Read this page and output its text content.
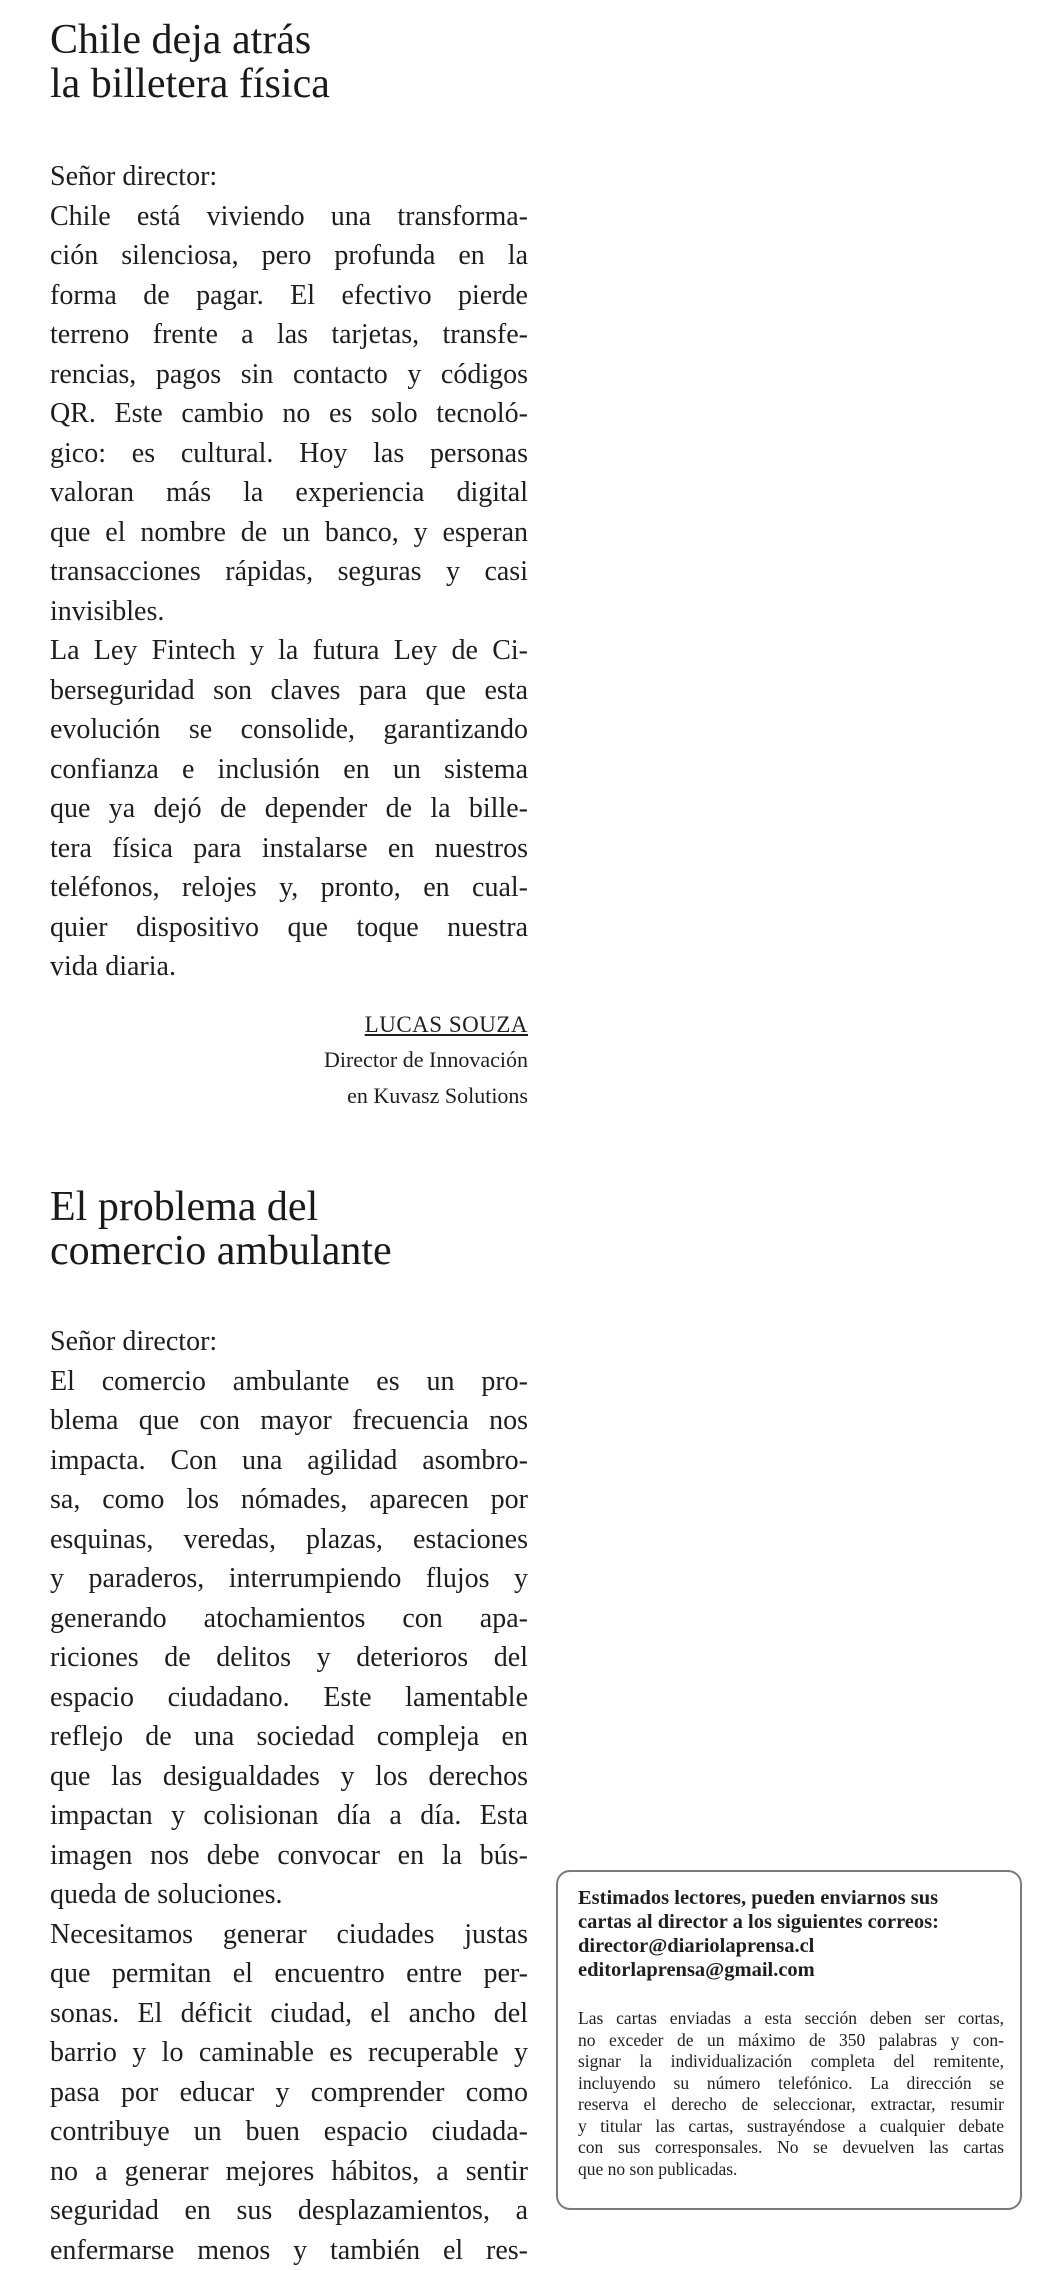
Chile deja atrás
la billetera física

Señor director:

Chile está viviendo una transforma-
ción silenciosa, pero profunda en la
forma de pagar. El efectivo pierde
terreno frente a las tarjetas, transfe-
rencias, pagos sin contacto y códigos
QR. Este cambio no es solo tecnoló-
gico: es cultural. Hoy las personas
valoran más la experiencia digital
que el nombre de un banco, y esperan
transacciones rápidas, seguras y casi
invisibles.

La Ley Fintech y la futura Ley de Ci-
berseguridad son claves para que esta
evolución se consolide, garantizando
confianza e inclusión en un sistema
que ya dejó de depender de la bille-
tera física para instalarse en nuestros
teléfonos, relojes y, pronto, en cual-
quier dispositivo que toque nuestra
vida diaria.

LUCAS SOUZA
Director de Innovación
en Kuvasz Solutions
El problema del
comercio ambulante

Señor director:

El comercio ambulante es un pro-
blema que con mayor frecuencia nos
impacta. Con una agilidad asombro-
sa, como los nómades, aparecen por
esquinas, veredas, plazas, estaciones
y paraderos, interrumpiendo flujos y
generando atochamientos con apa-
riciones de delitos y deterioros del
espacio ciudadano. Este lamentable
reflejo de una sociedad compleja en
que las desigualdades y los derechos
impactan y colisionan día a día. Esta
imagen nos debe convocar en la bús-
queda de soluciones.

Necesitamos generar ciudades justas
que permitan el encuentro entre per-
sonas. El déficit ciudad, el ancho del
barrio y lo caminable es recuperable y
pasa por educar y comprender como
contribuye un buen espacio ciudada-
no a generar mejores hábitos, a sentir
seguridad en sus desplazamientos, a
enfermarse menos y también el res-

Estimados lectores, pueden enviarnos sus
cartas al director a los siguientes correos:
director@diariolaprensa.cl
editorlaprensa@gmail.com

Las cartas enviadas a esta sección deben ser cortas,
no exceder de un máximo de 350 palabras y con-
signar la individualización completa del remitente,
incluyendo su número telefónico. La dirección se
reserva el derecho de seleccionar, extractar, resumir
y titular las cartas, sustrayéndose a cualquier debate
con sus corresponsales. No se devuelven las cartas
que no son publicadas.
